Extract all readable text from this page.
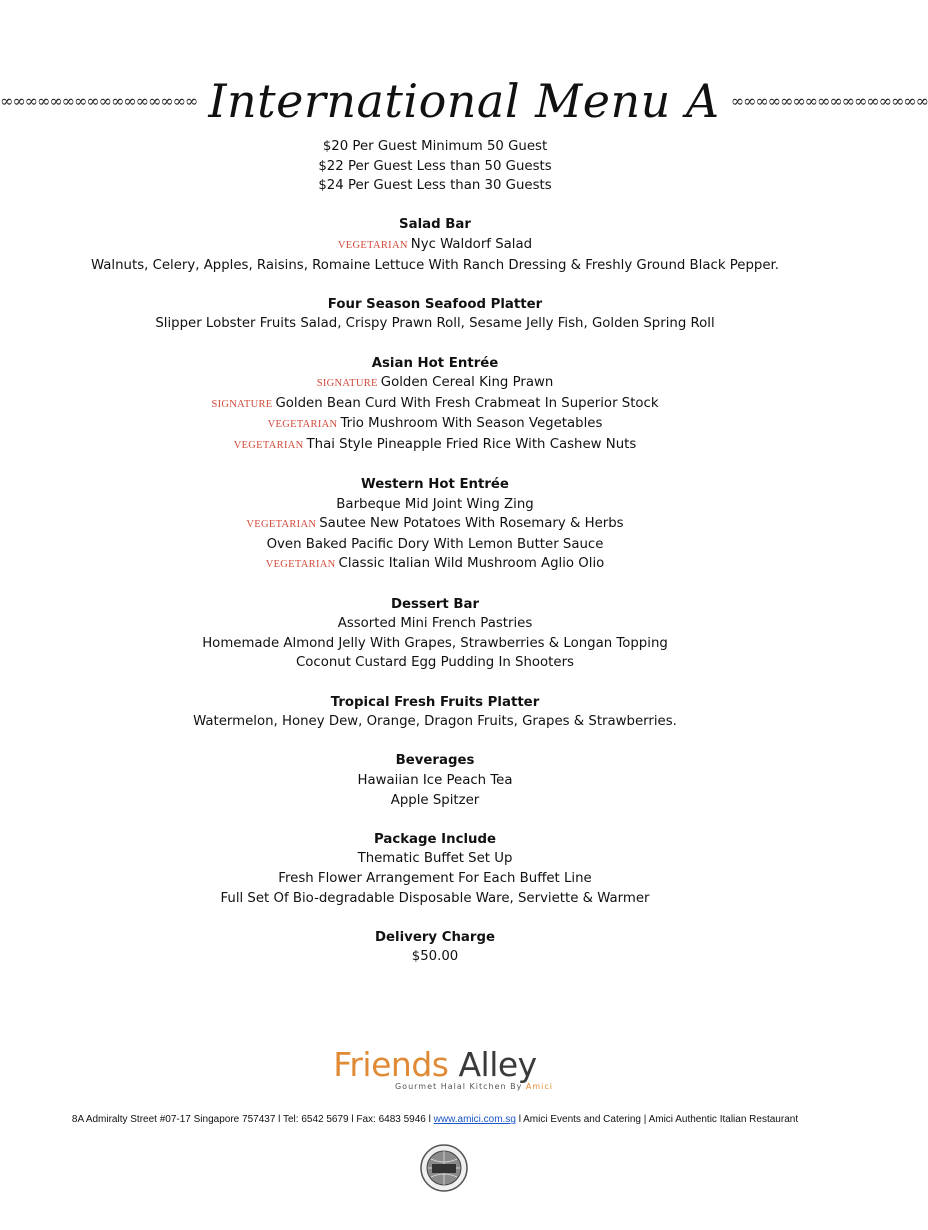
∞∞∞∞∞∞∞∞∞∞∞∞∞∞∞∞ International Menu A ∞∞∞∞∞∞∞∞∞∞∞∞∞∞∞∞
$20 Per Guest Minimum 50 Guest
$22 Per Guest Less than 50 Guests
$24 Per Guest Less than 30 Guests
Salad Bar
VEGETARIAN Nyc Waldorf Salad
Walnuts, Celery, Apples, Raisins, Romaine Lettuce With Ranch Dressing & Freshly Ground Black Pepper.
Four Season Seafood Platter
Slipper Lobster Fruits Salad, Crispy Prawn Roll, Sesame Jelly Fish, Golden Spring Roll
Asian Hot Entrée
SIGNATURE Golden Cereal King Prawn
SIGNATURE Golden Bean Curd With Fresh Crabmeat In Superior Stock
VEGETARIAN Trio Mushroom With Season Vegetables
VEGETARIAN Thai Style Pineapple Fried Rice With Cashew Nuts
Western Hot Entrée
Barbeque Mid Joint Wing Zing
VEGETARIAN Sautee New Potatoes With Rosemary & Herbs
Oven Baked Pacific Dory With Lemon Butter Sauce
VEGETARIAN Classic Italian Wild Mushroom Aglio Olio
Dessert Bar
Assorted Mini French Pastries
Homemade Almond Jelly With Grapes, Strawberries & Longan Topping
Coconut Custard Egg Pudding In Shooters
Tropical Fresh Fruits Platter
Watermelon, Honey Dew, Orange, Dragon Fruits, Grapes & Strawberries.
Beverages
Hawaiian Ice Peach Tea
Apple Spitzer
Package Include
Thematic Buffet Set Up
Fresh Flower Arrangement For Each Buffet Line
Full Set Of Bio-degradable Disposable Ware, Serviette & Warmer
Delivery Charge
$50.00
Friends Alley
Gourmet Halal Kitchen By Amici
8A Admiralty Street #07-17 Singapore 757437 l Tel: 6542 5679 l Fax: 6483 5946 l www.amici.com.sg l Amici Events and Catering | Amici Authentic Italian Restaurant
